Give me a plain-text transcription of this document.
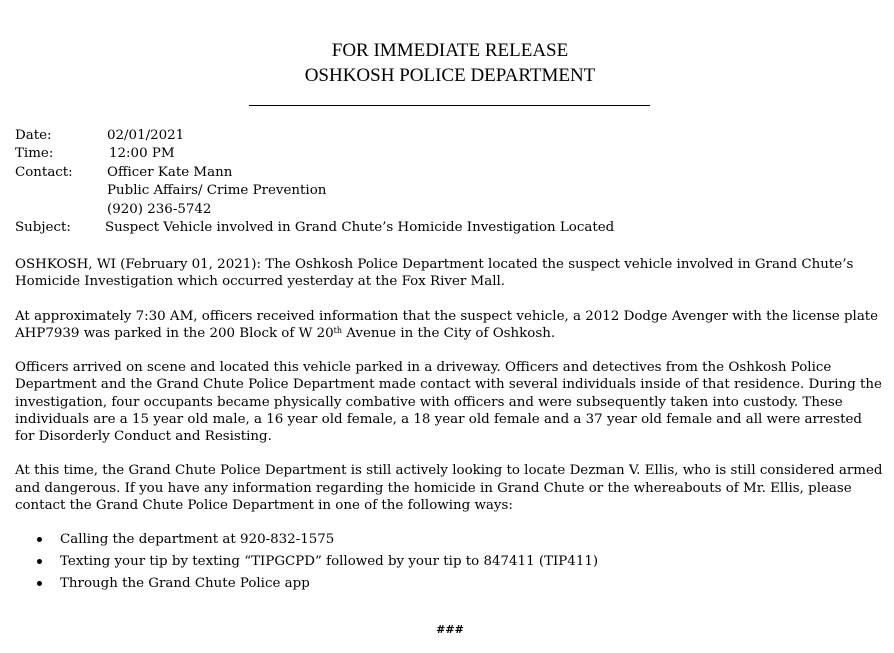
FOR IMMEDIATE RELEASE
OSHKOSH POLICE DEPARTMENT
Date:	02/01/2021
Time:	12:00 PM
Contact:	Officer Kate Mann
Public Affairs/ Crime Prevention
(920) 236-5742
Subject:	Suspect Vehicle involved in Grand Chute’s Homicide Investigation Located

OSHKOSH, WI (February 01, 2021): The Oshkosh Police Department located the suspect vehicle involved in Grand Chute’s Homicide Investigation which occurred yesterday at the Fox River Mall.

At approximately 7:30 AM, officers received information that the suspect vehicle, a 2012 Dodge Avenger with the license plate AHP7939 was parked in the 200 Block of W 20th Avenue in the City of Oshkosh.

Officers arrived on scene and located this vehicle parked in a driveway. Officers and detectives from the Oshkosh Police Department and the Grand Chute Police Department made contact with several individuals inside of that residence. During the investigation, four occupants became physically combative with officers and were subsequently taken into custody. These individuals are a 15 year old male, a 16 year old female, a 18 year old female and a 37 year old female and all were arrested for Disorderly Conduct and Resisting.

At this time, the Grand Chute Police Department is still actively looking to locate Dezman V. Ellis, who is still considered armed and dangerous. If you have any information regarding the homicide in Grand Chute or the whereabouts of Mr. Ellis, please contact the Grand Chute Police Department in one of the following ways:

Calling the department at 920-832-1575
Texting your tip by texting “TIPGCPD” followed by your tip to 847411 (TIP411)
Through the Grand Chute Police app
###
